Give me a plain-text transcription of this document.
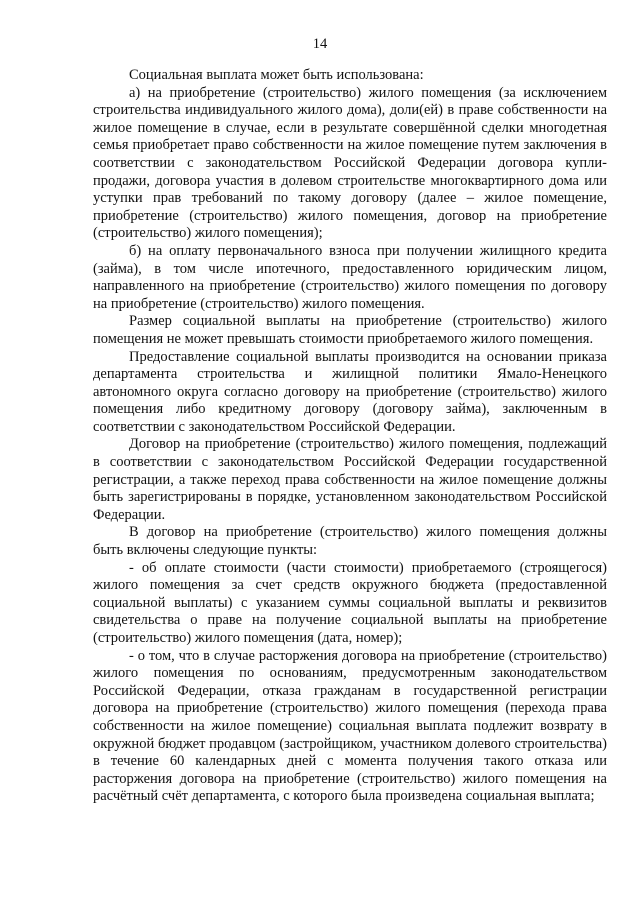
14

Социальная выплата может быть использована:

а) на приобретение (строительство) жилого помещения (за исключением строительства индивидуального жилого дома), доли(ей) в праве собственности на жилое помещение в случае, если в результате совершённой сделки многодетная семья приобретает право собственности на жилое помещение путем заключения в соответствии с законодательством Российской Федерации договора купли-продажи, договора участия в долевом строительстве многоквартирного дома или уступки прав требований по такому договору (далее – жилое помещение, приобретение (строительство) жилого помещения, договор на приобретение (строительство) жилого помещения);

б) на оплату первоначального взноса при получении жилищного кредита (займа), в том числе ипотечного, предоставленного юридическим лицом, направленного на приобретение (строительство) жилого помещения по договору на приобретение (строительство) жилого помещения.

Размер социальной выплаты на приобретение (строительство) жилого помещения не может превышать стоимости приобретаемого жилого помещения.

Предоставление социальной выплаты производится на основании приказа департамента строительства и жилищной политики Ямало-Ненецкого автономного округа согласно договору на приобретение (строительство) жилого помещения либо кредитному договору (договору займа), заключенным в соответствии с законодательством Российской Федерации.

Договор на приобретение (строительство) жилого помещения, подлежащий в соответствии с законодательством Российской Федерации государственной регистрации, а также переход права собственности на жилое помещение должны быть зарегистрированы в порядке, установленном законодательством Российской Федерации.

В договор на приобретение (строительство) жилого помещения должны быть включены следующие пункты:

- об оплате стоимости (части стоимости) приобретаемого (строящегося) жилого помещения за счет средств окружного бюджета (предоставленной социальной выплаты) с указанием суммы социальной выплаты и реквизитов свидетельства о праве на получение социальной выплаты на приобретение (строительство) жилого помещения (дата, номер);

- о том, что в случае расторжения договора на приобретение (строительство) жилого помещения по основаниям, предусмотренным законодательством Российской Федерации, отказа гражданам в государственной регистрации договора на приобретение (строительство) жилого помещения (перехода права собственности на жилое помещение) социальная выплата подлежит возврату в окружной бюджет продавцом (застройщиком, участником долевого строительства) в течение 60 календарных дней с момента получения такого отказа или расторжения договора на приобретение (строительство) жилого помещения на расчётный счёт департамента, с которого была произведена социальная выплата;
